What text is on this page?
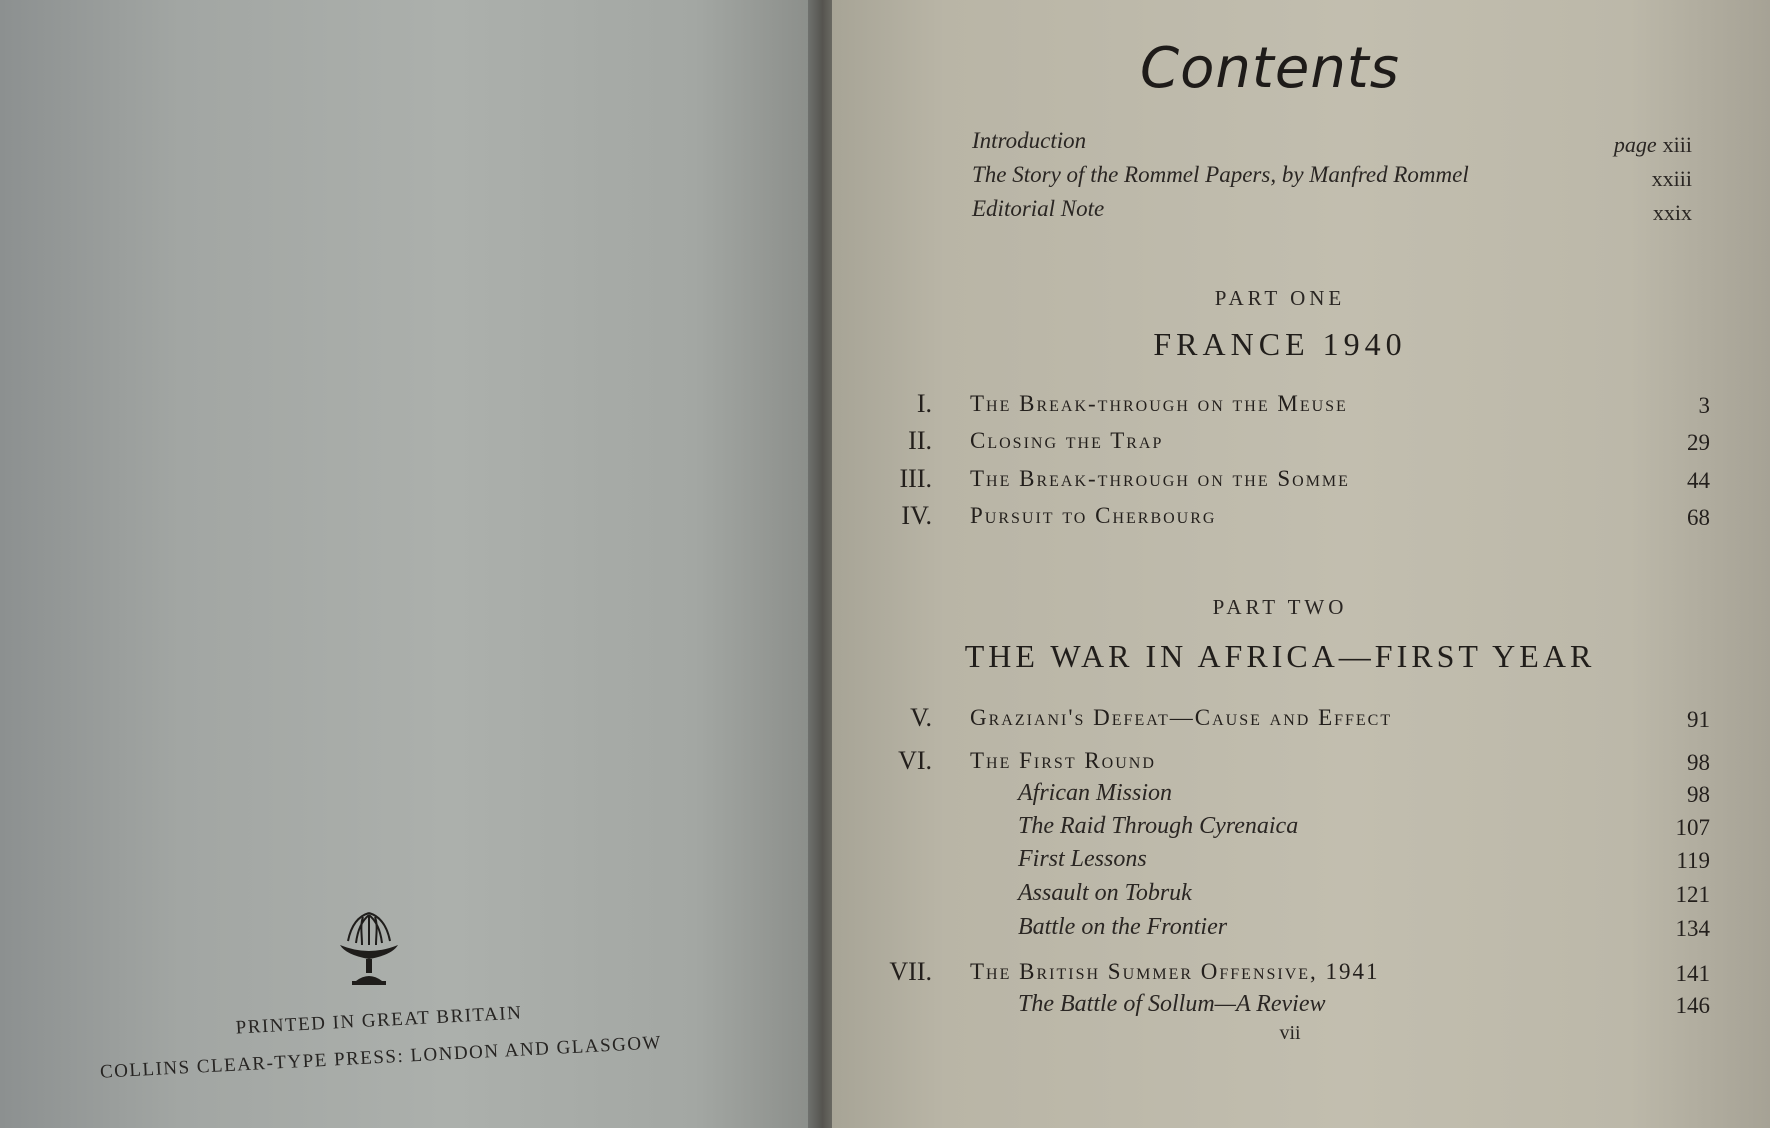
PRINTED IN GREAT BRITAIN
COLLINS CLEAR-TYPE PRESS: LONDON AND GLASGOW
Contents
Introduction	page xiii
The Story of the Rommel Papers, by Manfred Rommel	xxiii
Editorial Note	xxix
PART ONE
FRANCE 1940
I. The Break-through on the Meuse	3
II. Closing the Trap	29
III. The Break-through on the Somme	44
IV. Pursuit to Cherbourg	68
PART TWO
THE WAR IN AFRICA—FIRST YEAR
V. Graziani's Defeat—Cause and Effect	91
VI. The First Round	98
African Mission	98
The Raid Through Cyrenaica	107
First Lessons	119
Assault on Tobruk	121
Battle on the Frontier	134
VII. The British Summer Offensive, 1941	141
The Battle of Sollum—A Review	146
vii
